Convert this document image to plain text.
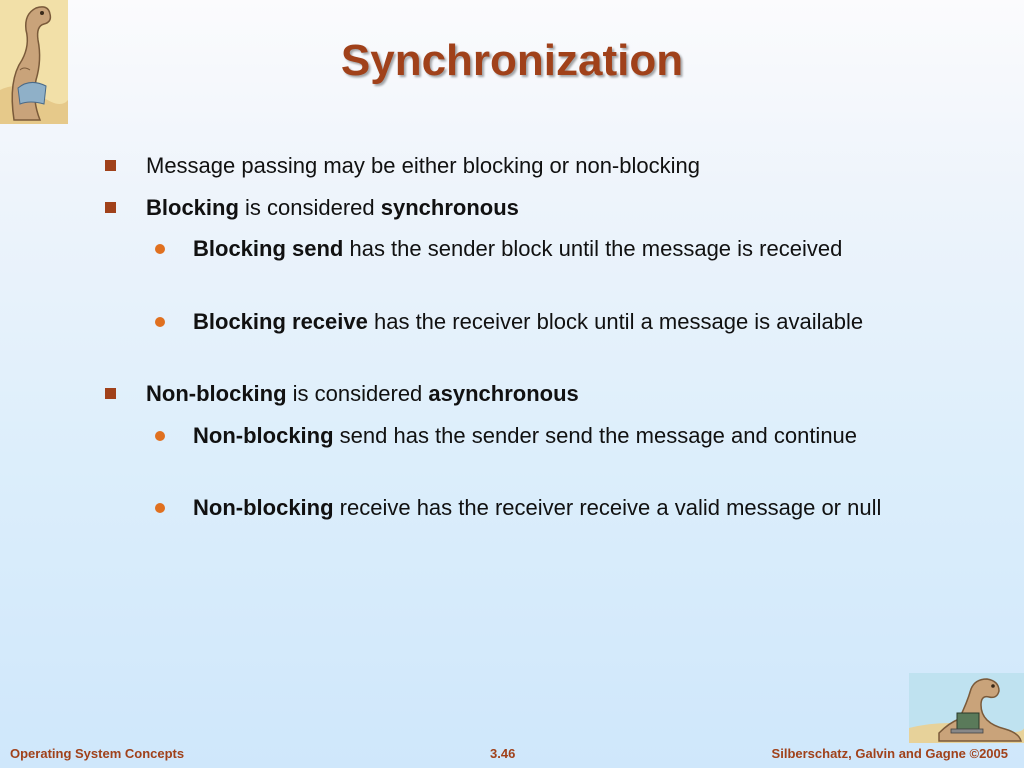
Synchronization
Message passing may be either blocking or non-blocking
Blocking is considered synchronous
Blocking send has the sender block until the message is received
Blocking receive has the receiver block until a message is available
Non-blocking is considered asynchronous
Non-blocking send has the sender send the message and continue
Non-blocking receive has the receiver receive a valid message or null
Operating System Concepts	3.46	Silberschatz, Galvin and Gagne ©2005
